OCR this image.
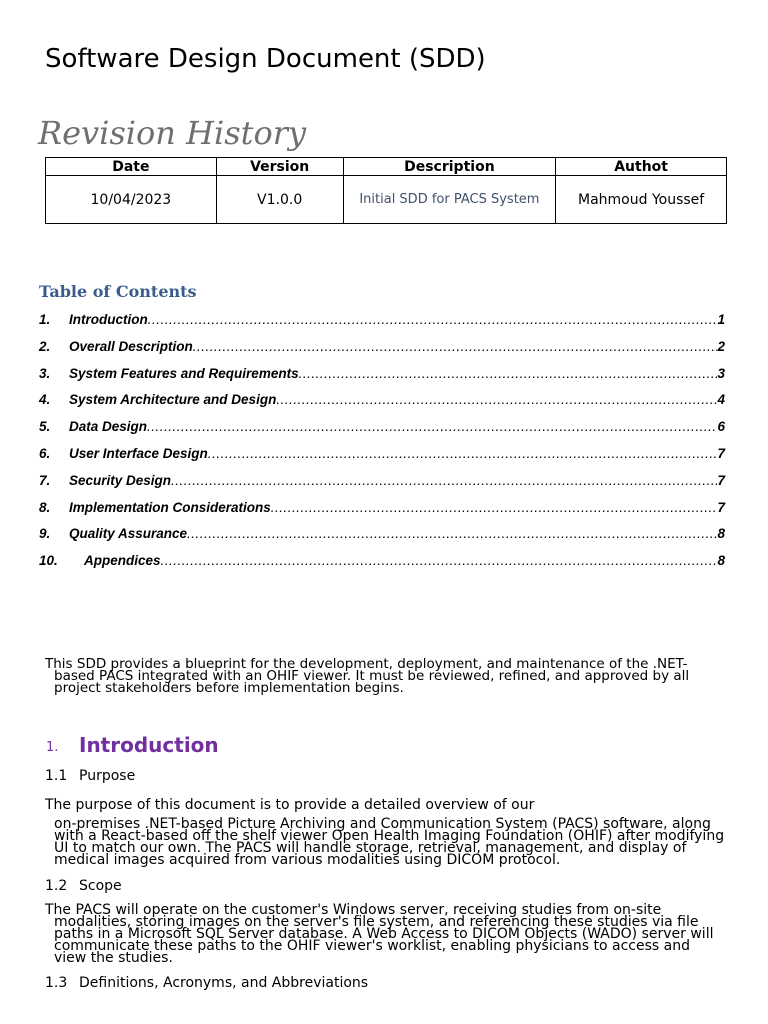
Software Design Document (SDD)
Revision History
Date	Version	Description	Authot
10/04/2023	V1.0.0	Initial SDD for PACS System	Mahmoud Youssef
Table of Contents
1.	Introduction .....	1
2.	Overall Description .....	2
3.	System Features and Requirements .....	3
4.	System Architecture and Design .....	4
5.	Data Design .....	6
6.	User Interface Design .....	7
7.	Security Design .....	7
8.	Implementation Considerations .....	7
9.	Quality Assurance .....	8
10.	Appendices .....	8
This SDD provides a blueprint for the development, deployment, and maintenance of the .NET-
based PACS integrated with an OHIF viewer. It must be reviewed, refined, and approved by all
project stakeholders before implementation begins.
1. Introduction
1.1 Purpose
The purpose of this document is to provide a detailed overview of our
on-premises .NET-based Picture Archiving and Communication System (PACS) software, along
with a React-based off the shelf viewer Open Health Imaging Foundation (OHIF) after modifying
UI to match our own. The PACS will handle storage, retrieval, management, and display of
medical images acquired from various modalities using DICOM protocol.
1.2 Scope
The PACS will operate on the customer's Windows server, receiving studies from on-site
modalities, storing images on the server's file system, and referencing these studies via file
paths in a Microsoft SQL Server database. A Web Access to DICOM Objects (WADO) server will
communicate these paths to the OHIF viewer's worklist, enabling physicians to access and
view the studies.
1.3 Definitions, Acronyms, and Abbreviations
